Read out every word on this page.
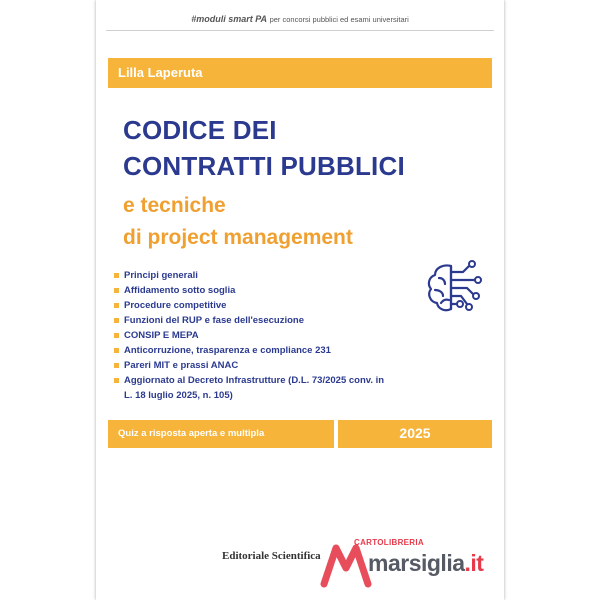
#moduli smart PA per concorsi pubblici ed esami universitari
Lilla Laperuta
CODICE DEI
CONTRATTI PUBBLICI
e tecniche
di project management
Principi generali
Affidamento sotto soglia
Procedure competitive
Funzioni del RUP e fase dell'esecuzione
CONSIP E MEPA
Anticorruzione, trasparenza e compliance 231
Pareri MIT e prassi ANAC
Aggiornato al Decreto Infrastrutture (D.L. 73/2025 conv. in
L. 18 luglio 2025, n. 105)
Quiz a risposta aperta e multipla	2025
Editoriale Scientifica
CARTOLIBRERIA
marsiglia.it
